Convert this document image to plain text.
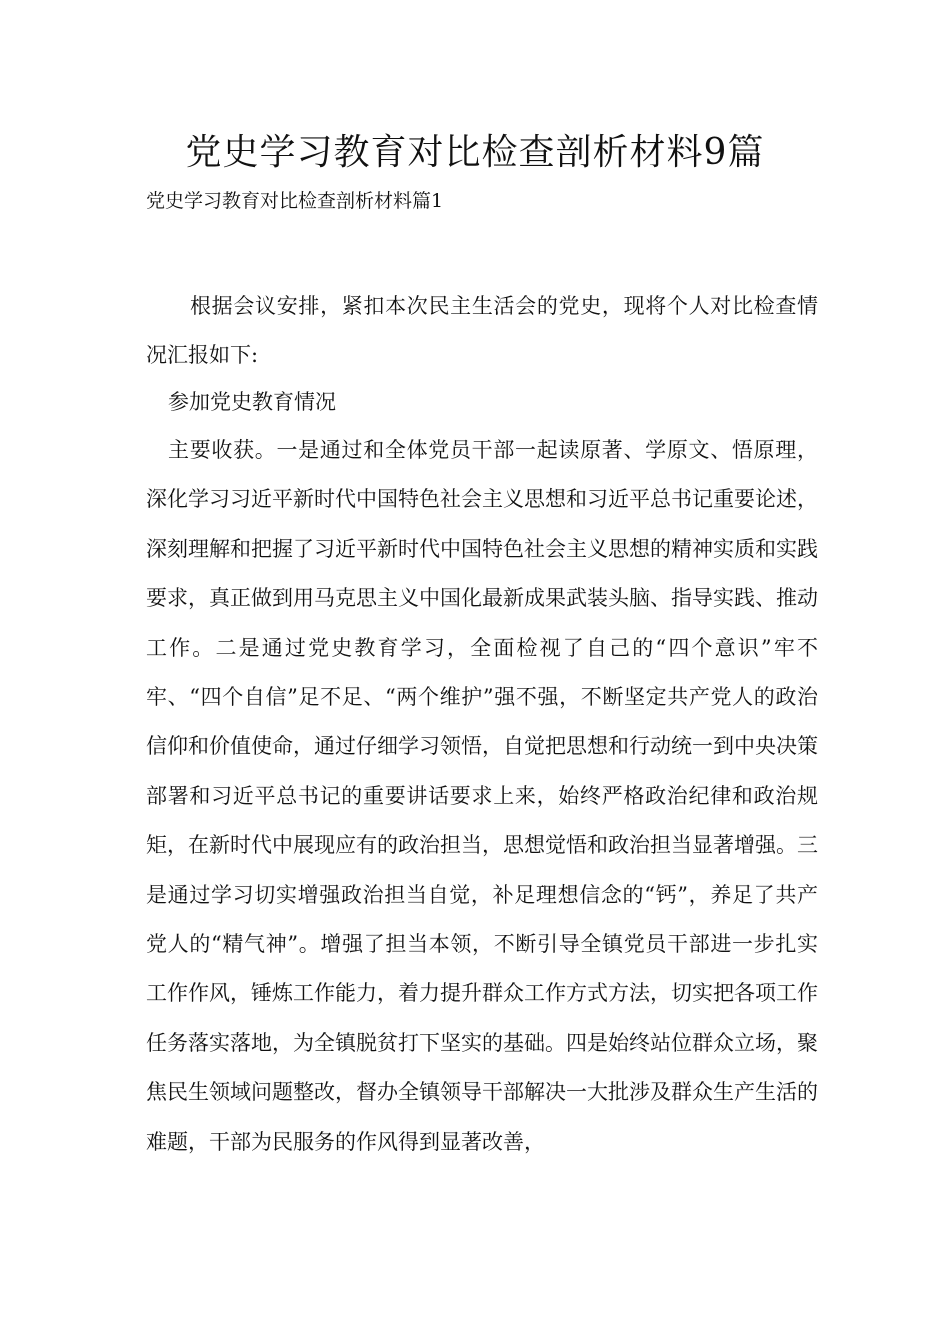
党史学习教育对比检查剖析材料9篇

党史学习教育对比检查剖析材料篇1

根据会议安排，紧扣本次民主生活会的党史，现将个人对比检查情况汇报如下:

参加党史教育情况

主要收获。一是通过和全体党员干部一起读原著、学原文、悟原理，深化学习习近平新时代中国特色社会主义思想和习近平总书记重要论述，深刻理解和把握了习近平新时代中国特色社会主义思想的精神实质和实践要求，真正做到用马克思主义中国化最新成果武装头脑、指导实践、推动工作。二是通过党史教育学习，全面检视了自己的“四个意识”牢不牢、“四个自信”足不足、“两个维护”强不强，不断坚定共产党人的政治信仰和价值使命，通过仔细学习领悟，自觉把思想和行动统一到中央决策部署和习近平总书记的重要讲话要求上来，始终严格政治纪律和政治规矩，在新时代中展现应有的政治担当，思想觉悟和政治担当显著增强。三是通过学习切实增强政治担当自觉，补足理想信念的“钙”，养足了共产党人的“精气神”。增强了担当本领，不断引导全镇党员干部进一步扎实工作作风，锤炼工作能力，着力提升群众工作方式方法，切实把各项工作任务落实落地，为全镇脱贫打下坚实的基础。四是始终站位群众立场，聚焦民生领域问题整改，督办全镇领导干部解决一大批涉及群众生产生活的难题，干部为民服务的作风得到显著改善，
